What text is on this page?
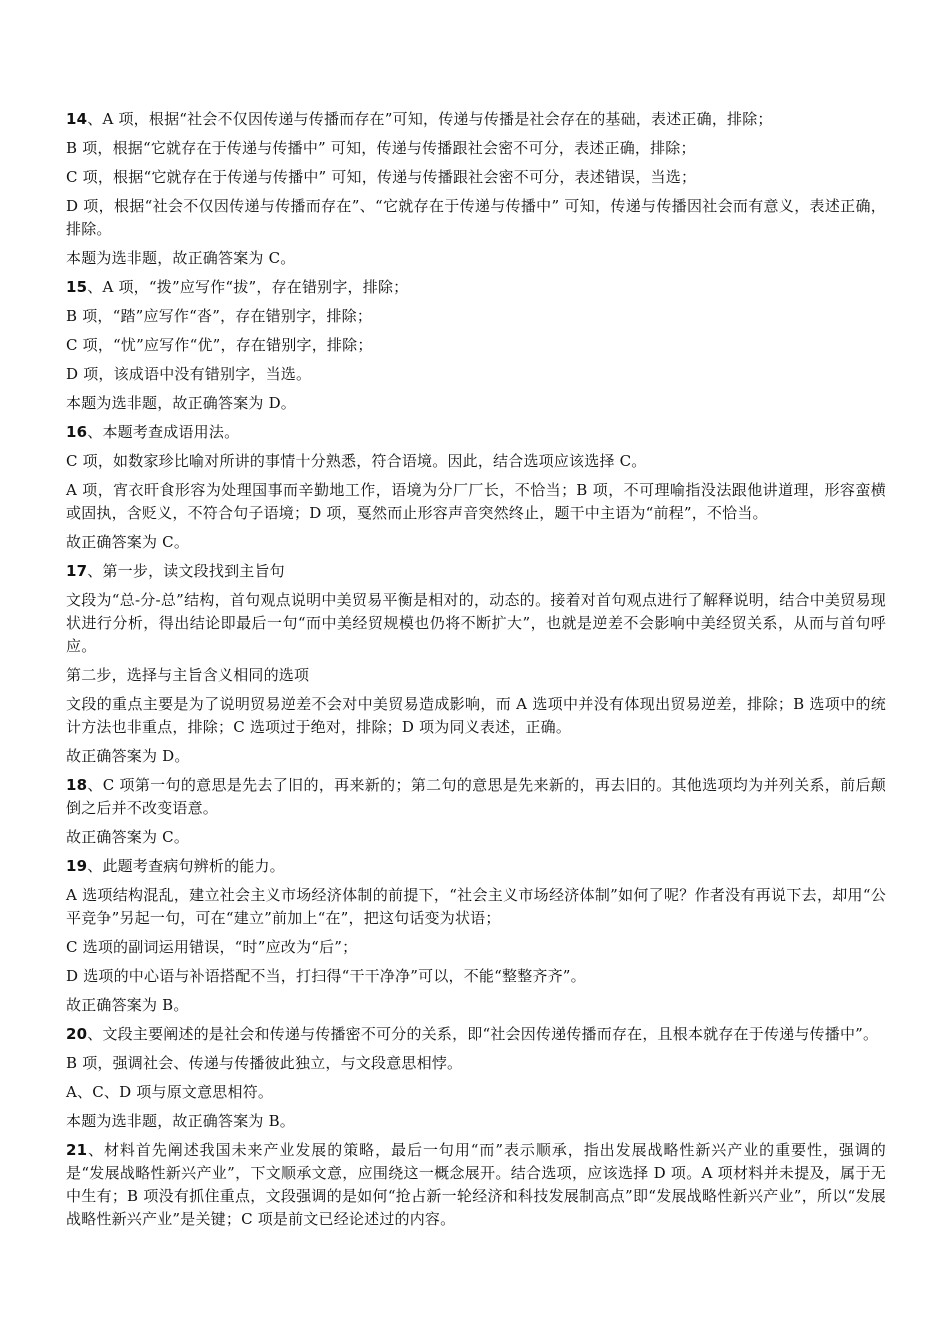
14、A 项，根据“社会不仅因传递与传播而存在”可知，传递与传播是社会存在的基础，表述正确，排除；

B 项，根据“它就存在于传递与传播中” 可知，传递与传播跟社会密不可分，表述正确，排除；

C 项，根据“它就存在于传递与传播中” 可知，传递与传播跟社会密不可分，表述错误，当选；

D 项，根据“社会不仅因传递与传播而存在”、“它就存在于传递与传播中” 可知，传递与传播因社会而有意义，表述正确，排除。

本题为选非题，故正确答案为 C。

15、A 项，“拨”应写作“拔”，存在错别字，排除；

B 项，“踏”应写作“沓”，存在错别字，排除；

C 项，“忧”应写作“优”，存在错别字，排除；

D 项，该成语中没有错别字，当选。

本题为选非题，故正确答案为 D。

16、本题考查成语用法。

C 项，如数家珍比喻对所讲的事情十分熟悉，符合语境。因此，结合选项应该选择 C。

A 项，宵衣旰食形容为处理国事而辛勤地工作，语境为分厂厂长，不恰当；B 项，不可理喻指没法跟他讲道理，形容蛮横或固执，含贬义，不符合句子语境；D 项，戛然而止形容声音突然终止，题干中主语为“前程”，不恰当。

故正确答案为 C。

17、第一步，读文段找到主旨句

文段为“总-分-总”结构，首句观点说明中美贸易平衡是相对的，动态的。接着对首句观点进行了解释说明，结合中美贸易现状进行分析，得出结论即最后一句“而中美经贸规模也仍将不断扩大”，也就是逆差不会影响中美经贸关系，从而与首句呼应。

第二步，选择与主旨含义相同的选项

文段的重点主要是为了说明贸易逆差不会对中美贸易造成影响，而 A 选项中并没有体现出贸易逆差，排除；B 选项中的统计方法也非重点，排除；C 选项过于绝对，排除；D 项为同义表述，正确。

故正确答案为 D。

18、C 项第一句的意思是先去了旧的，再来新的；第二句的意思是先来新的，再去旧的。其他选项均为并列关系，前后颠倒之后并不改变语意。

故正确答案为 C。

19、此题考查病句辨析的能力。

A 选项结构混乱，建立社会主义市场经济体制的前提下，“社会主义市场经济体制”如何了呢？作者没有再说下去，却用“公平竞争”另起一句，可在“建立”前加上“在”，把这句话变为状语；

C 选项的副词运用错误，“时”应改为“后”；

D 选项的中心语与补语搭配不当，打扫得“干干净净”可以，不能“整整齐齐”。

故正确答案为 B。

20、文段主要阐述的是社会和传递与传播密不可分的关系，即“社会因传递传播而存在，且根本就存在于传递与传播中”。

B 项，强调社会、传递与传播彼此独立，与文段意思相悖。

A、C、D 项与原文意思相符。

本题为选非题，故正确答案为 B。

21、材料首先阐述我国未来产业发展的策略，最后一句用“而”表示顺承，指出发展战略性新兴产业的重要性，强调的是“发展战略性新兴产业”，下文顺承文意，应围绕这一概念展开。结合选项，应该选择 D 项。A 项材料并未提及，属于无中生有；B 项没有抓住重点，文段强调的是如何“抢占新一轮经济和科技发展制高点”即“发展战略性新兴产业”，所以“发展战略性新兴产业”是关键；C 项是前文已经论述过的内容。
